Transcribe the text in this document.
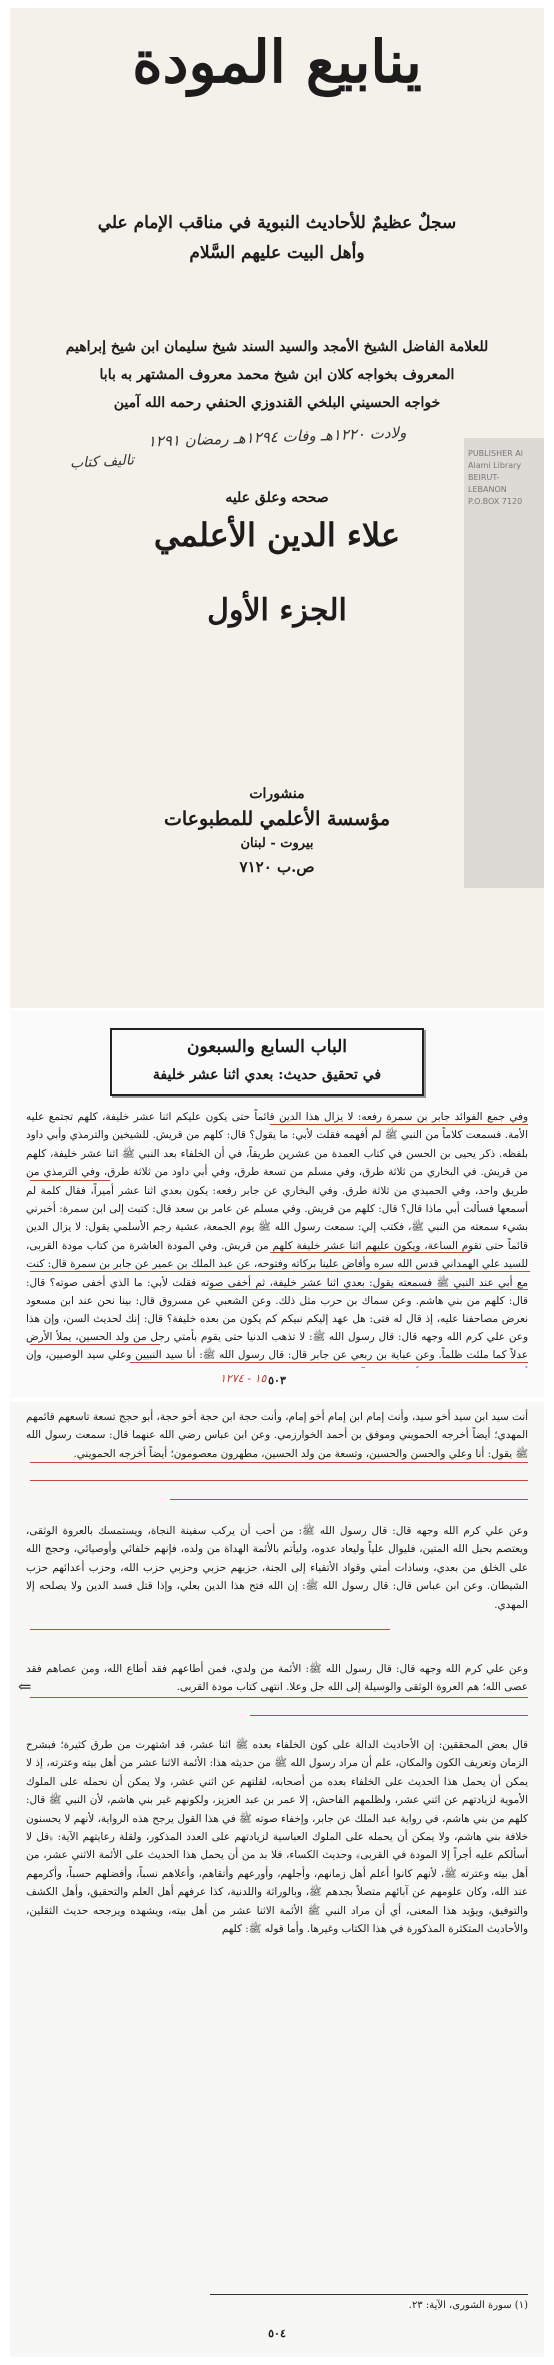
ينابيع المودة
سجلٌ عظيمٌ للأحاديث النبوية في مناقب الإمام علي
وأهل البيت عليهم السَّلام
للعلامة الفاضل الشيخ الأمجد والسيد السند شيخ سليمان ابن شيخ إبراهيم
المعروف بخواجه كلان ابن شيخ محمد معروف المشتهر به بابا
خواجه الحسيني البلخي القندوزي الحنفي رحمه الله آمين
ولادت ١٢٢٠هـ وفات ١٢٩٤هـ رمضان ١٢٩١
تاليف كتاب
صححه وعلق عليه
علاء الدين الأعلمي
الجزء الأول
منشورات
مؤسسة الأعلمي للمطبوعات
بيروت - لبنان
ص.ب ٧١٢٠
PUBLISHER Al Alami Library BEIRUT-LEBANON P.O.BOX 7120
الباب السابع والسبعون
في تحقيق حديث: بعدي اثنا عشر خليفة
وفي جمع الفوائد جابر بن سمرة رفعه: لا يزال هذا الدين قائماً حتى يكون عليكم اثنا عشر خليفة، كلهم تجتمع عليه الأمة. فسمعت كلاماً من النبي ﷺ لم أفهمه فقلت لأبي: ما يقول؟ قال: كلهم من قريش. للشيخين والترمذي وأبي داود بلفظه. ذكر يحيى بن الحسن في كتاب العمدة من عشرين طريقاً، في أن الخلفاء بعد النبي ﷺ اثنا عشر خليفة، كلهم من قريش. في البخاري من ثلاثة طرق، وفي مسلم من تسعة طرق، وفي أبي داود من ثلاثة طرق، وفي الترمذي من طريق واحد، وفي الحميدي من ثلاثة طرق. وفي البخاري عن جابر رفعه: يكون بعدي اثنا عشر أميراً، فقال كلمة لم أسمعها فسألت أبي ماذا قال؟ قال: كلهم من قريش. وفي مسلم عن عامر بن سعد قال: كتبت إلى ابن سمرة: أخبرني بشيء سمعته من النبي ﷺ، فكتب إلي: سمعت رسول الله ﷺ يوم الجمعة، عشية رجم الأسلمي يقول: لا يزال الدين قائماً حتى تقوم الساعة، ويكون عليهم اثنا عشر خليفة كلهم من قريش. وفي المودة العاشرة من كتاب مودة القربى، للسيد علي الهمداني قدس الله سره وأفاض علينا بركاته وفتوحه، عن عبد الملك بن عمير عن جابر بن سمرة قال: كنت مع أبي عند النبي ﷺ فسمعته يقول: بعدي اثنا عشر خليفة، ثم أخفى صوته فقلت لأبي: ما الذي أخفى صوته؟ قال: قال: كلهم من بني هاشم. وعن سماك بن حرب مثل ذلك. وعن الشعبي عن مسروق قال: بينا نحن عند ابن مسعود نعرض مصاحفنا عليه، إذ قال له فتى: هل عهد إليكم نبيكم كم يكون من بعده خليفة؟ قال: إنك لحديث السن، وإن هذا
وعن علي كرم الله وجهه قال: قال رسول الله ﷺ: لا تذهب الدنيا حتى يقوم بأمتي رجل من ولد الحسين، يملأ الأرض عدلاً كما ملئت ظلماً. وعن عباية بن ربعي عن جابر قال: قال رسول الله ﷺ: أنا سيد النبيين وعلي سيد الوصيين، وإن
١٥ - ١٢٧٤ ٥٠٣
أنت سيد ابن سيد أخو سيد، وأنت إمام ابن إمام أخو إمام، وأنت حجة ابن حجة أخو حجة، أبو حجج تسعة تاسعهم قائمهم المهدي؛ أيضاً أخرجه الحمويني وموفق بن أحمد الخوارزمي. وعن ابن عباس رضي الله عنهما قال: سمعت رسول الله ﷺ يقول: أنا وعلي والحسن والحسين، وتسعة من ولد الحسين، مطهرون معصومون؛ أيضاً أخرجه الحمويني.
وعن علي كرم الله وجهه قال: قال رسول الله ﷺ: من أحب أن يركب سفينة النجاة، ويستمسك بالعروة الوثقى، ويعتصم بحبل الله المتين، فليوال علياً وليعاد عدوه، وليأتم بالأئمة الهداة من ولده، فإنهم خلفائي وأوصيائي، وحجج الله على الخلق من بعدي، وسادات أمتي وقواد الأتقياء إلى الجنة، حزبهم حزبي وحزبي حزب الله، وحزب أعدائهم حزب الشيطان. وعن ابن عباس قال: قال رسول الله ﷺ: إن الله فتح هذا الدين بعلي، وإذا قتل فسد الدين ولا يصلحه إلا المهدي.
⇐
وعن علي كرم الله وجهه قال: قال رسول الله ﷺ: الأئمة من ولدي، فمن أطاعهم فقد أطاع الله، ومن عصاهم فقد عصى الله؛ هم العروة الوثقى والوسيلة إلى الله جل وعلا. انتهى كتاب مودة القربى.
قال بعض المحققين: إن الأحاديث الدالة على كون الخلفاء بعده ﷺ اثنا عشر، قد اشتهرت من طرق كثيرة؛ فبشرح الزمان وتعريف الكون والمكان، علم أن مراد رسول الله ﷺ من حديثه هذا: الأئمة الاثنا عشر من أهل بيته وعترته، إذ لا يمكن أن يحمل هذا الحديث على الخلفاء بعده من أصحابه، لقلتهم عن اثني عشر، ولا يمكن أن نحمله على الملوك الأموية لزيادتهم عن اثني عشر، ولظلمهم الفاحش، إلا عمر بن عبد العزيز، ولكونهم غير بني هاشم، لأن النبي ﷺ قال: كلهم من بني هاشم، في رواية عبد الملك عن جابر، وإخفاء صوته ﷺ في هذا القول يرجح هذه الرواية، لأنهم لا يحسنون خلافة بني هاشم، ولا يمكن أن يحمله على الملوك العباسية لزيادتهم على العدد المذكور، ولقلة رعايتهم الآية: ﴿قل لا أسألكم عليه أجراً إلا المودة في القربى﴾ وحديث الكساء، فلا بد من أن يحمل هذا الحديث على الأئمة الاثني عشر، من أهل بيته وعترته ﷺ، لأنهم كانوا أعلم أهل زمانهم، وأجلهم، وأورعهم وأتقاهم، وأعلاهم نسباً، وأفضلهم حسباً، وأكرمهم عند الله، وكان علومهم عن آبائهم متصلاً بجدهم ﷺ، وبالوراثة واللدنية، كذا عرفهم أهل العلم والتحقيق، وأهل الكشف والتوفيق، ويؤيد هذا المعنى، أي أن مراد النبي ﷺ الأئمة الاثنا عشر من أهل بيته، ويشهده ويرجحه حديث الثقلين، والأحاديث المتكثرة المذكورة في هذا الكتاب وغيرها. وأما قوله ﷺ: كلهم
(١) سورة الشورى، الآية: ٢٣.
٥٠٤
